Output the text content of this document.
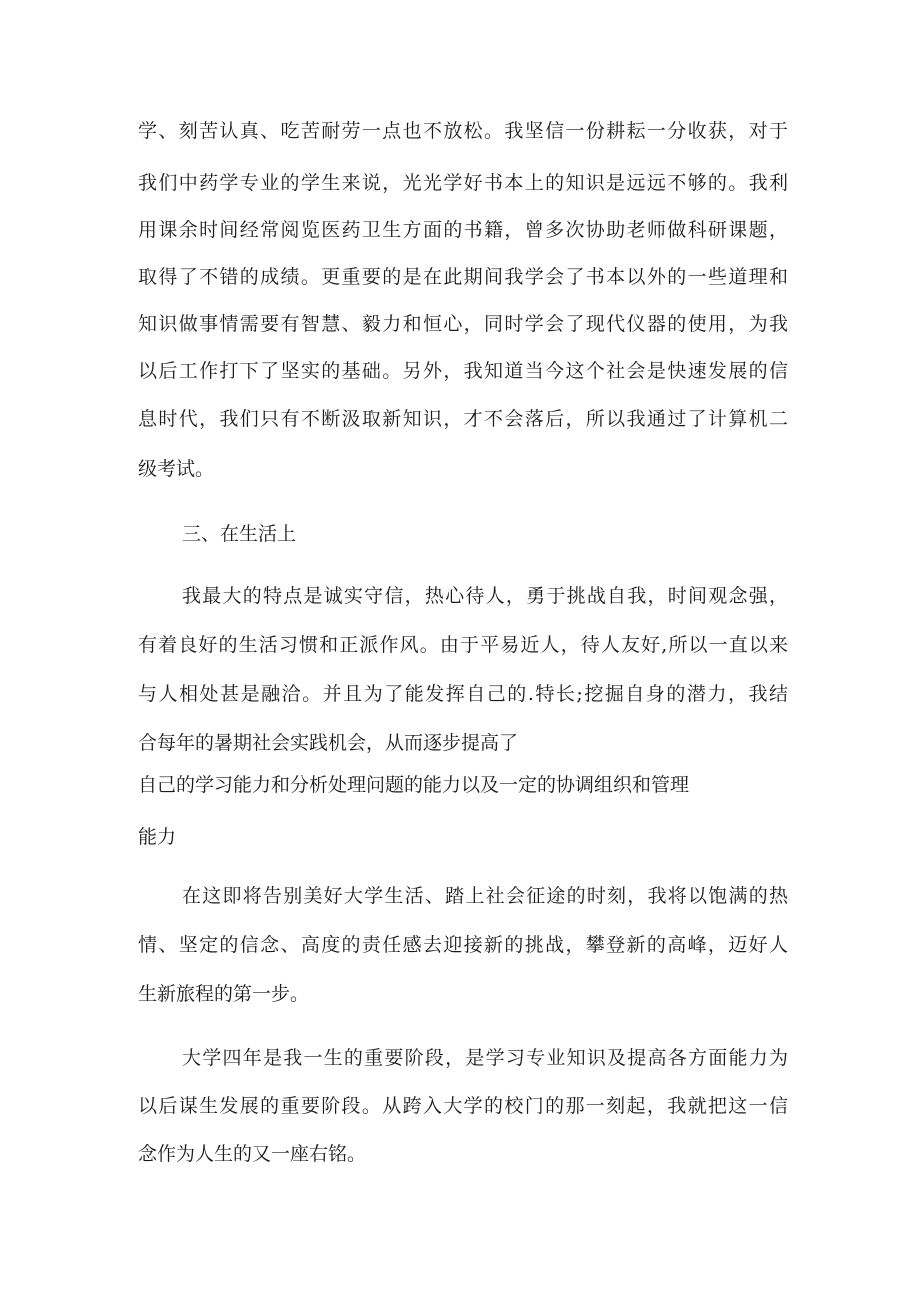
学、刻苦认真、吃苦耐劳一点也不放松。我坚信一份耕耘一分收获，对于
我们中药学专业的学生来说，光光学好书本上的知识是远远不够的。我利
用课余时间经常阅览医药卫生方面的书籍，曾多次协助老师做科研课题，
取得了不错的成绩。更重要的是在此期间我学会了书本以外的一些道理和
知识做事情需要有智慧、毅力和恒心，同时学会了现代仪器的使用，为我
以后工作打下了坚实的基础。另外，我知道当今这个社会是快速发展的信
息时代，我们只有不断汲取新知识，才不会落后，所以我通过了计算机二
级考试。
三、在生活上
我最大的特点是诚实守信，热心待人，勇于挑战自我，时间观念强，
有着良好的生活习惯和正派作风。由于平易近人，待人友好,所以一直以来
与人相处甚是融洽。并且为了能发挥自己的.特长;挖掘自身的潜力，我结
合每年的暑期社会实践机会，从而逐步提高了
自己的学习能力和分析处理问题的能力以及一定的协调组织和管理
能力
在这即将告别美好大学生活、踏上社会征途的时刻，我将以饱满的热
情、坚定的信念、高度的责任感去迎接新的挑战，攀登新的高峰，迈好人
生新旅程的第一步。
大学四年是我一生的重要阶段，是学习专业知识及提高各方面能力为
以后谋生发展的重要阶段。从跨入大学的校门的那一刻起，我就把这一信
念作为人生的又一座右铭。
